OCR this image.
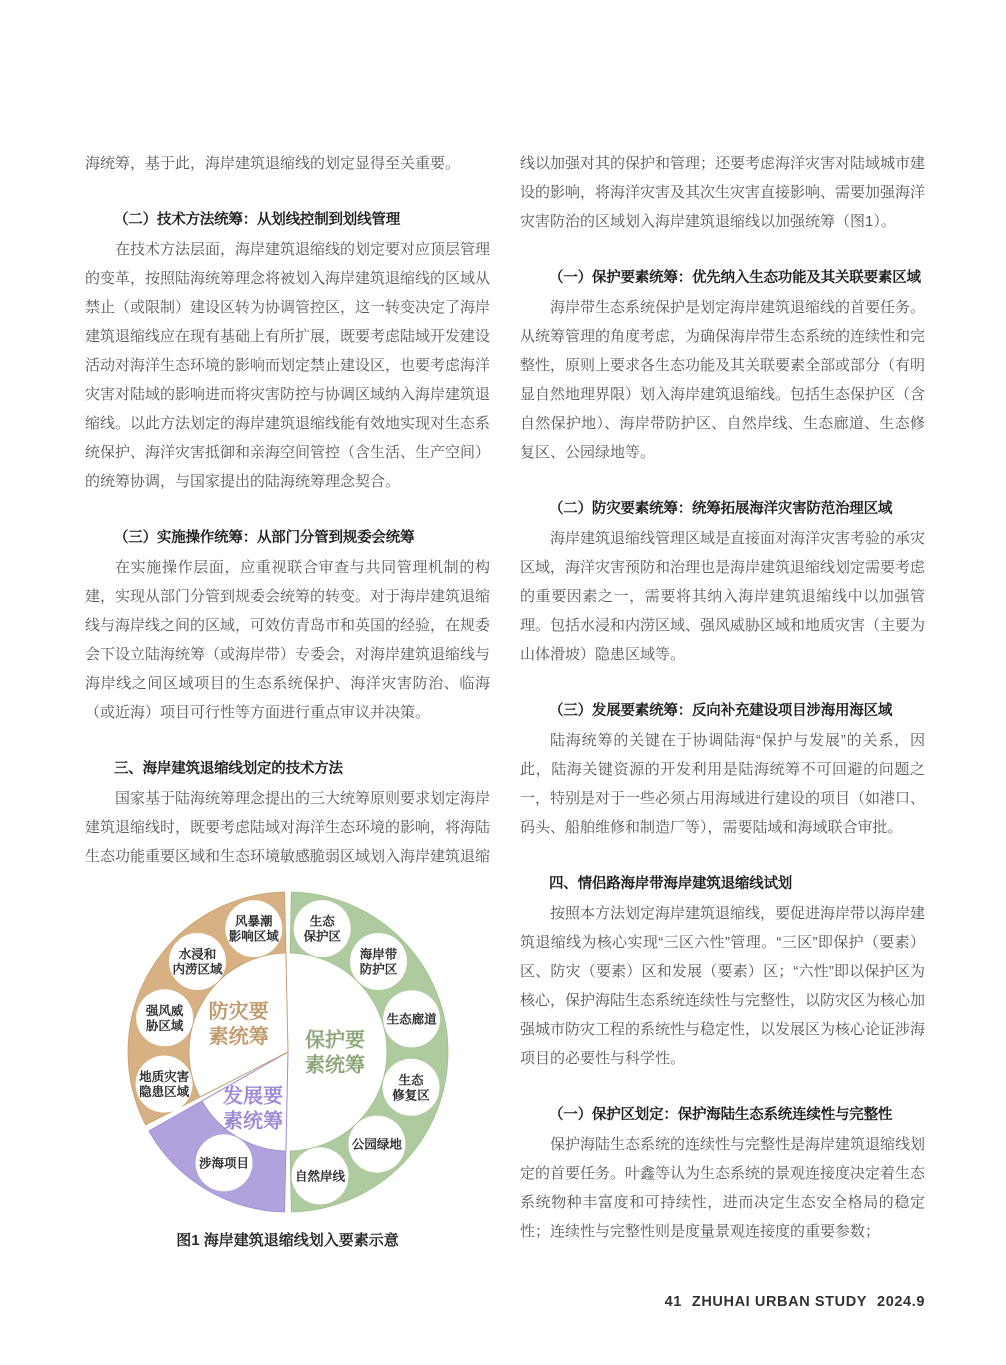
海统筹，基于此，海岸建筑退缩线的划定显得至关重要。

（二）技术方法统筹：从划线控制到划线管理

在技术方法层面，海岸建筑退缩线的划定要对应顶层管理的变革，按照陆海统筹理念将被划入海岸建筑退缩线的区域从禁止（或限制）建设区转为协调管控区，这一转变决定了海岸建筑退缩线应在现有基础上有所扩展，既要考虑陆域开发建设活动对海洋生态环境的影响而划定禁止建设区，也要考虑海洋灾害对陆域的影响进而将灾害防控与协调区域纳入海岸建筑退缩线。以此方法划定的海岸建筑退缩线能有效地实现对生态系统保护、海洋灾害抵御和亲海空间管控（含生活、生产空间）的统筹协调，与国家提出的陆海统筹理念契合。

（三）实施操作统筹：从部门分管到规委会统筹

在实施操作层面，应重视联合审查与共同管理机制的构建，实现从部门分管到规委会统筹的转变。对于海岸建筑退缩线与海岸线之间的区域，可效仿青岛市和英国的经验，在规委会下设立陆海统筹（或海岸带）专委会，对海岸建筑退缩线与海岸线之间区域项目的生态系统保护、海洋灾害防治、临海（或近海）项目可行性等方面进行重点审议并决策。

三、海岸建筑退缩线划定的技术方法

国家基于陆海统筹理念提出的三大统筹原则要求划定海岸建筑退缩线时，既要考虑陆域对海洋生态环境的影响，将海陆生态功能重要区域和生态环境敏感脆弱区域划入海岸建筑退缩

生态保护区
海岸带防护区
生态廊道
生态修复区
公园绿地
自然岸线
保护要素统筹
涉海项目
发展要素统筹
风暴潮影响区域
水浸和内涝区域
强风威胁区域
地质灾害隐患区域
防灾要素统筹
图1 海岸建筑退缩线划入要素示意

线以加强对其的保护和管理；还要考虑海洋灾害对陆域城市建设的影响，将海洋灾害及其次生灾害直接影响、需要加强海洋灾害防治的区域划入海岸建筑退缩线以加强统筹（图1）。

（一）保护要素统筹：优先纳入生态功能及其关联要素区域

海岸带生态系统保护是划定海岸建筑退缩线的首要任务。从统筹管理的角度考虑，为确保海岸带生态系统的连续性和完整性，原则上要求各生态功能及其关联要素全部或部分（有明显自然地理界限）划入海岸建筑退缩线。包括生态保护区（含自然保护地）、海岸带防护区、自然岸线、生态廊道、生态修复区、公园绿地等。

（二）防灾要素统筹：统筹拓展海洋灾害防范治理区域

海岸建筑退缩线管理区域是直接面对海洋灾害考验的承灾区域，海洋灾害预防和治理也是海岸建筑退缩线划定需要考虑的重要因素之一，需要将其纳入海岸建筑退缩线中以加强管理。包括水浸和内涝区域、强风威胁区域和地质灾害（主要为山体滑坡）隐患区域等。

（三）发展要素统筹：反向补充建设项目涉海用海区域

陆海统筹的关键在于协调陆海“保护与发展”的关系，因此，陆海关键资源的开发利用是陆海统筹不可回避的问题之一，特别是对于一些必须占用海域进行建设的项目（如港口、码头、船舶维修和制造厂等），需要陆域和海域联合审批。

四、情侣路海岸带海岸建筑退缩线试划

按照本方法划定海岸建筑退缩线，要促进海岸带以海岸建筑退缩线为核心实现“三区六性”管理。“三区”即保护（要素）区、防灾（要素）区和发展（要素）区；“六性”即以保护区为核心，保护海陆生态系统连续性与完整性，以防灾区为核心加强城市防灾工程的系统性与稳定性，以发展区为核心论证涉海项目的必要性与科学性。

（一）保护区划定：保护海陆生态系统连续性与完整性

保护海陆生态系统的连续性与完整性是海岸建筑退缩线划定的首要任务。叶鑫等认为生态系统的景观连接度决定着生态系统物种丰富度和可持续性，进而决定生态安全格局的稳定性；连续性与完整性则是度量景观连接度的重要参数；

41 ZHUHAI URBAN STUDY 2024.9
